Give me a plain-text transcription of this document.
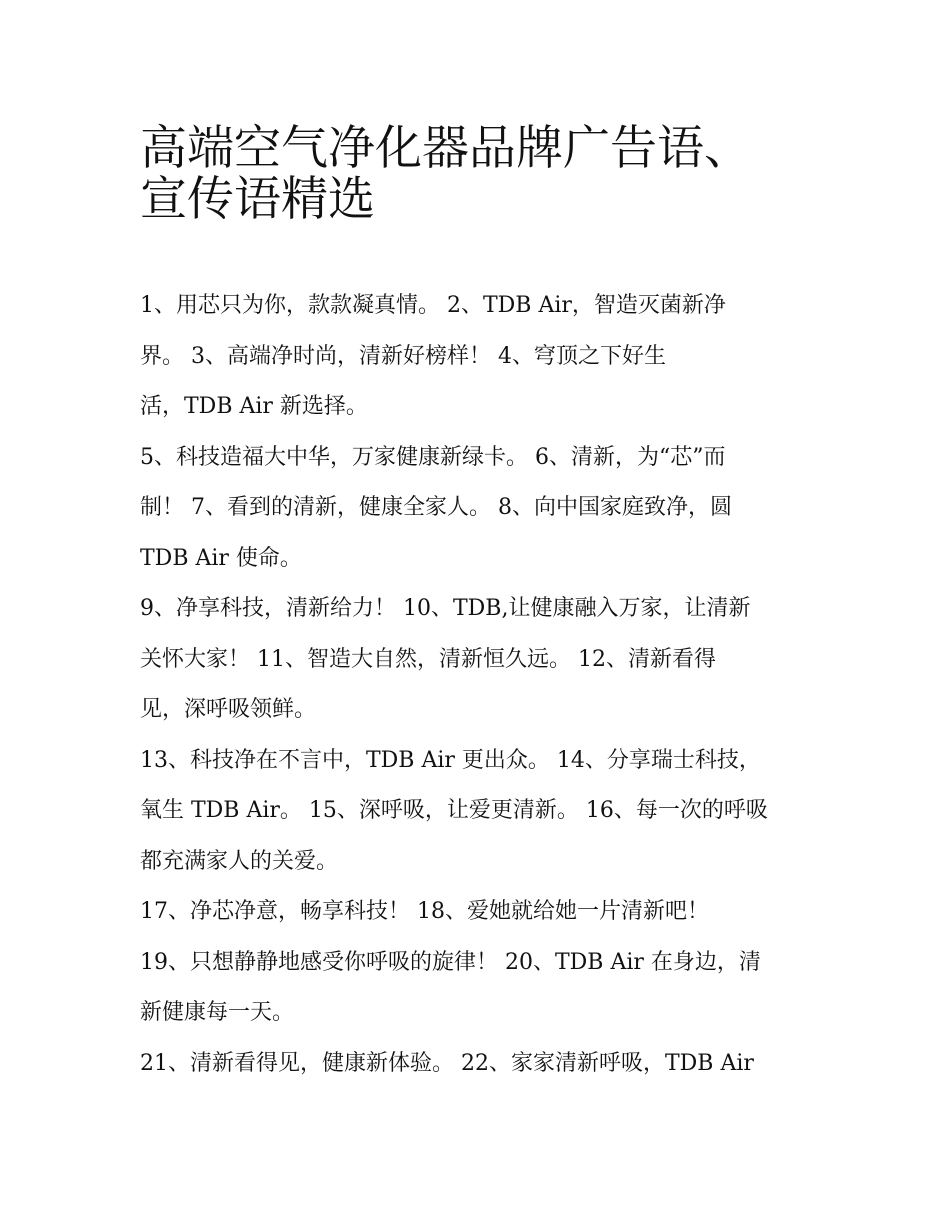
高端空气净化器品牌广告语、
宣传语精选
1、用芯只为你，款款凝真情。 2、TDB Air，智造灭菌新净
界。 3、高端净时尚，清新好榜样！ 4、穹顶之下好生
活，TDB Air 新选择。
5、科技造福大中华，万家健康新绿卡。 6、清新，为“芯”而
制！ 7、看到的清新，健康全家人。 8、向中国家庭致净，圆
TDB Air 使命。
9、净享科技，清新给力！ 10、TDB,让健康融入万家，让清新
关怀大家！ 11、智造大自然，清新恒久远。 12、清新看得
见，深呼吸领鲜。
13、科技净在不言中，TDB Air 更出众。 14、分享瑞士科技，
氧生 TDB Air。 15、深呼吸，让爱更清新。 16、每一次的呼吸
都充满家人的关爱。
17、净芯净意，畅享科技！ 18、爱她就给她一片清新吧！
19、只想静静地感受你呼吸的旋律！ 20、TDB Air 在身边，清
新健康每一天。
21、清新看得见，健康新体验。 22、家家清新呼吸，TDB Air
